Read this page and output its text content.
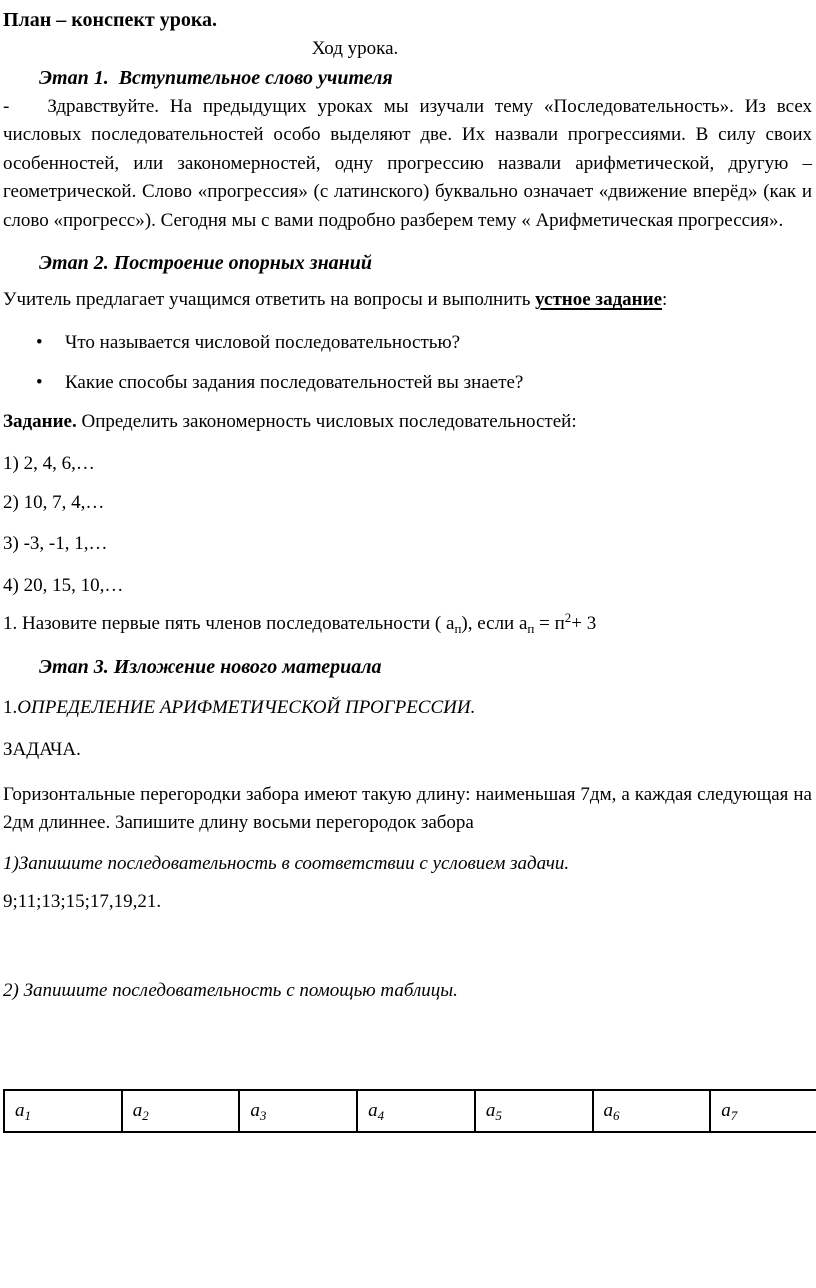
План – конспект урока.

Ход урока.

Этап 1.  Вступительное слово учителя

- Здравствуйте. На предыдущих уроках мы изучали тему «Последовательность». Из всех числовых последовательностей особо выделяют две. Их назвали прогрессиями. В силу своих особенностей, или закономерностей, одну прогрессию назвали арифметической, другую – геометрической. Слово «прогрессия» (с латинского) буквально означает «движение вперёд» (как и слово «прогресс»). Сегодня мы с вами подробно разберем тему « Арифметическая прогрессия».

Этап 2. Построение опорных знаний

Учитель предлагает учащимся ответить на вопросы и выполнить устное задание:

• Что называется числовой последовательностью?
• Какие способы задания последовательностей вы знаете?

Задание. Определить закономерность числовых последовательностей:

1) 2, 4, 6,…

2) 10, 7, 4,…

3) -3, -1, 1,…

4) 20, 15, 10,…

1. Назовите первые пять членов последовательности ( $a_п$), если $a_п = п^2+ 3$

Этап 3. Изложение нового материала

1.ОПРЕДЕЛЕНИЕ АРИФМЕТИЧЕСКОЙ ПРОГРЕССИИ.

ЗАДАЧА.

Горизонтальные перегородки забора имеют такую длину: наименьшая 7дм, а каждая следующая на 2дм длиннее. Запишите длину восьми перегородок забора

1)Запишите последовательность в соответствии с условием задачи.

9;11;13;15;17,19,21.

2) Запишите последовательность с помощью таблицы.

$a_1$	$a_2$	$a_3$	$a_4$	$a_5$	$a_6$	$a_7$
